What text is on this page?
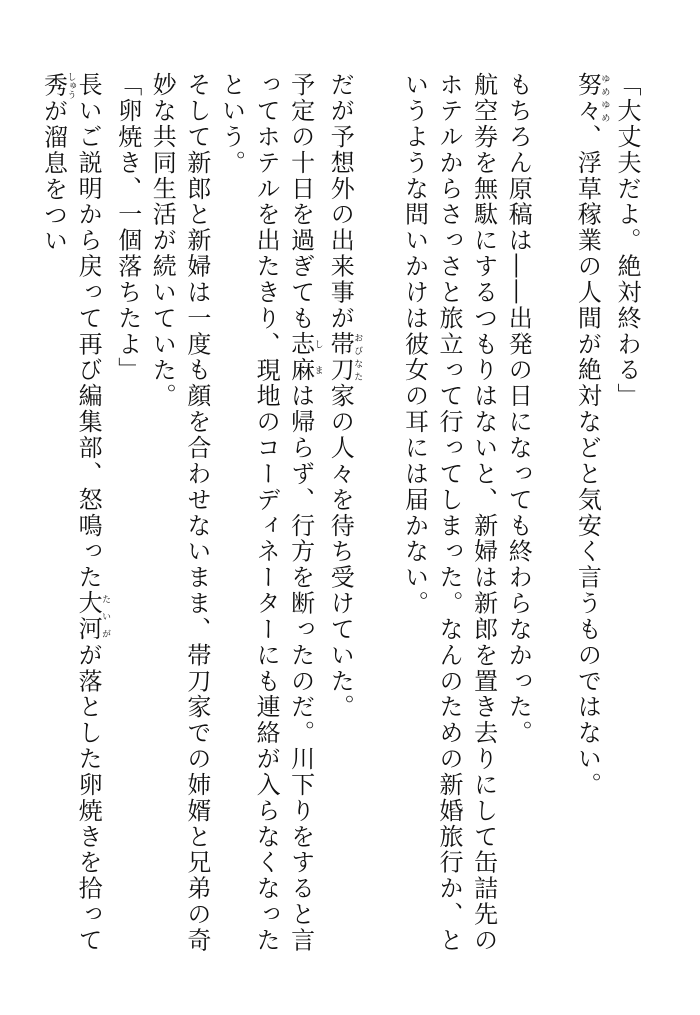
「大丈夫だよ。絶対終わる」

努々ゆめゆめ、浮草稼業の人間が絶対などと気安く言うものではない。

もちろん原稿は――出発の日になっても終わらなかった。

航空券を無駄にするつもりはないと、新婦は新郎を置き去りにして缶詰先のホテルからさっさと旅立って行ってしまった。なんのための新婚旅行か、というような問いかけは彼女の耳には届かない。

だが予想外の出来事が帯刀おびなた家の人々を待ち受けていた。

予定の十日を過ぎても志麻しまは帰らず、行方を断ったのだ。川下りをすると言ってホテルを出たきり、現地のコーディネーターにも連絡が入らなくなったという。

そして新郎と新婦は一度も顔を合わせないまま、帯刀家での姉婿と兄弟の奇妙な共同生活が続いていた。

「卵焼き、一個落ちたよ」

長いご説明から戻って再び編集部、怒鳴った大河たいがが落とした卵焼きを拾って秀しゅうが溜息をつい
